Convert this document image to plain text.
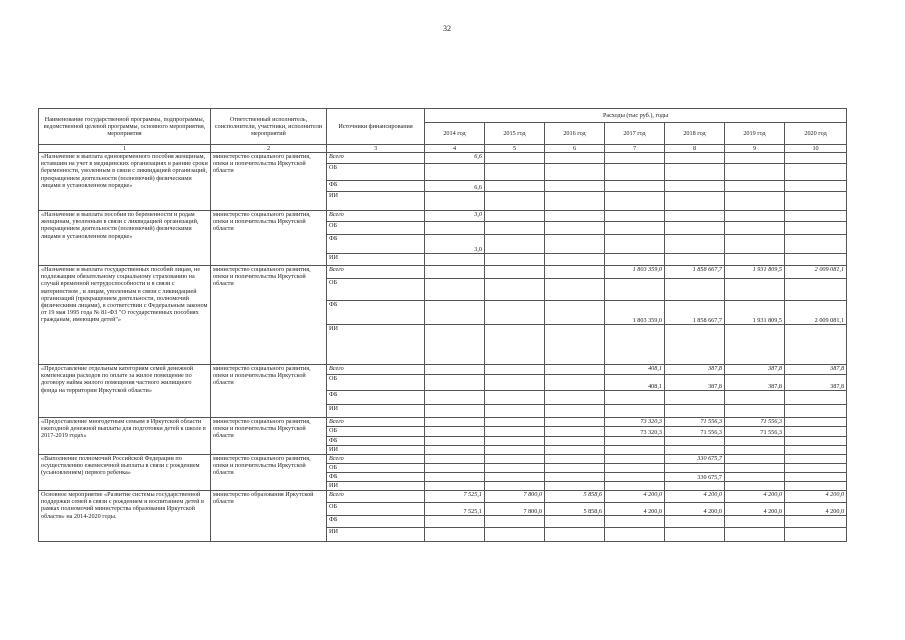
32
Наименование государственной программы, подпрограммы, ведомственной целевой программы, основного мероприятия, мероприятия	Ответственный исполнитель, соисполнители, участники, исполнители мероприятий	Источники финансирования	Расходы (тыс руб.), годы						
			2014 год	2015 год	2016 год	2017 год	2018 год	2019 год	2020 год
1	2	3	4	5	6	7	8	9	10
«Назначение и выплата единовременного пособия женщинам, вставшим на учет в медицинских организациях в ранние сроки беременности, уволенным в связи с ликвидацией организаций, прекращением деятельности (полномочий) физическими лицами в установленном порядке»	министерство социального развития, опеки и попечительства Иркутской области	Всего	6,6						
		ОБ							
		ФБ	6,6						
		ИИ							
«Назначение и выплата пособия по беременности и родам женщинам, уволенным в связи с ликвидацией организаций, прекращением деятельности (полномочий) физическими лицами в установленном порядке»	министерство социального развития, опеки и попечительства Иркутской области	Всего	3,0						
		ОБ							
		ФБ	3,0						
		ИИ							
«Назначение и выплата государственных пособий лицам, не подлежащим обязательному социальному страхованию на случай временной нетрудоспособности и в связи с материнством , и лицам, уволенным в связи с ликвидацией организаций (прекращением деятельности, полномочий физическими лицами), в соответствии с Федеральным законом от 19 мая 1995 года № 81-ФЗ "О государственных пособиях гражданам, имеющим детей"»	министерство социального развития, опеки и попечительства Иркутской области	Всего				1 803 359,0	1 858 667,7	1 931 809,5	2 009 081,1
		ОБ							
		ФБ				1 803 359,0	1 858 667,7	1 931 809,5	2 009 081,1
		ИИ							
«Предоставление отдельным категориям семей денежной компенсации расходов по оплате за жилое помещение по договору найма жилого помещения частного жилищного фонда на территории Иркутской области»	министерство социального развития, опеки и попечительства Иркутской области	Всего				408,1	387,8	387,8	387,8
		ОБ				408,1	387,8	387,8	387,8
		ФБ							
		ИИ							
«Предоставление многодетным семьям в Иркутской области ежегодной денежной выплаты для подготовки детей к школе в 2017-2019 годах»	министерство социального развития, опеки и попечительства Иркутской области	Всего				73 320,3	71 556,3	71 556,3	
		ОБ				73 320,3	71 556,3	71 556,3	
		ФБ							
		ИИ							
«Выполнение полномочий Российской Федерации по осуществлению ежемесячной выплаты в связи с рождением (усыновлением) первого ребенка»	министерство социального развития, опеки и попечительства Иркутской области	Всего					330 675,7		
		ОБ							
		ФБ					330 675,7		
		ИИ							
Основное мероприятие «Развитие системы государственной поддержки семей в связи с рождением и воспитанием детей в рамках полномочий министерства образования Иркутской области» на 2014-2020 годы.	министерство образования Иркутской области	Всего	7 525,1	7 800,0	5 858,6	4 200,0	4 200,0	4 200,0	4 200,0
		ОБ	7 525,1	7 800,0	5 858,6	4 200,0	4 200,0	4 200,0	4 200,0
		ФБ							
		ИИ							
